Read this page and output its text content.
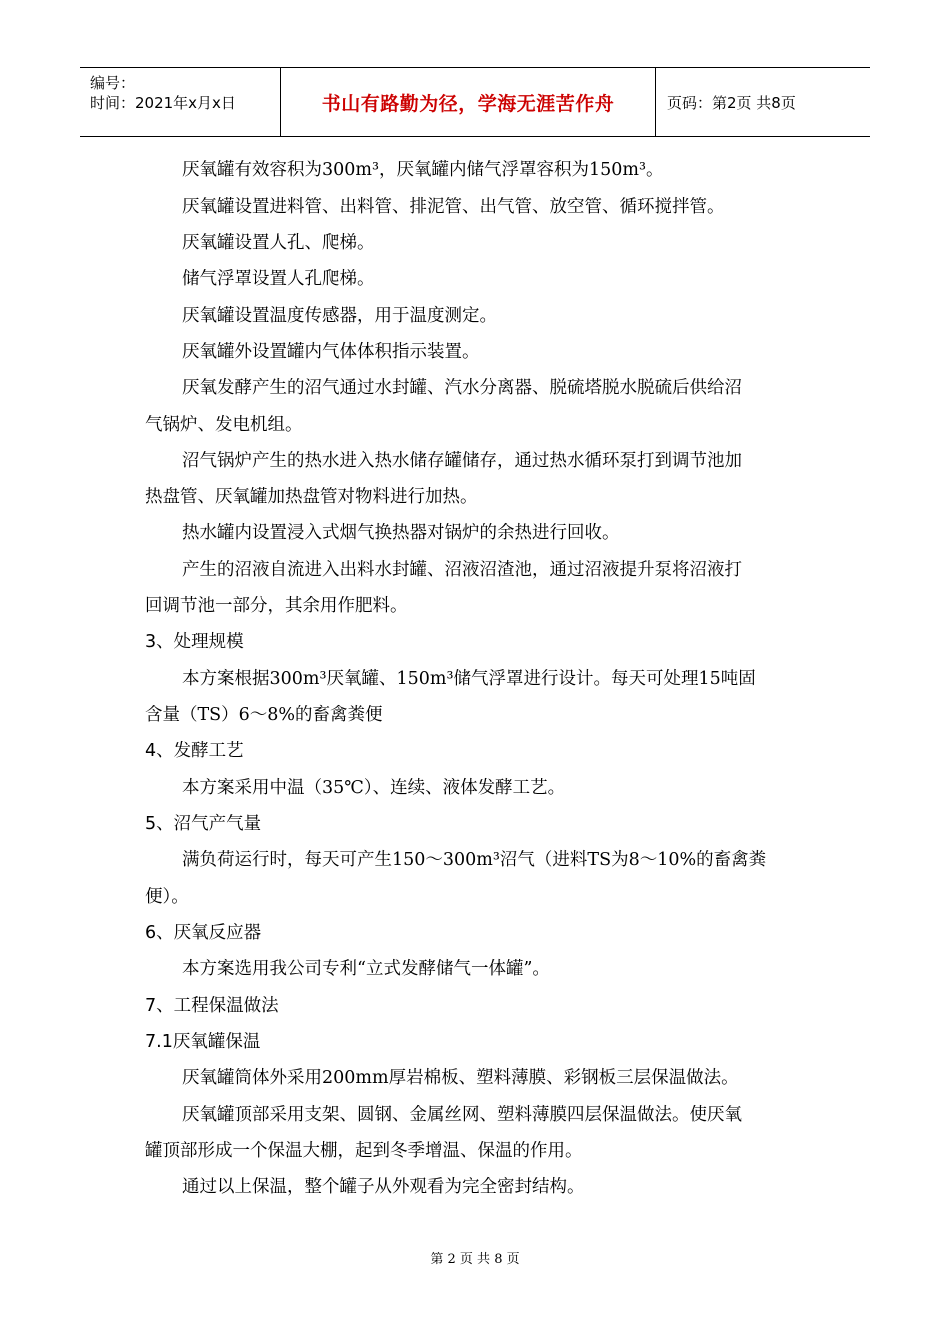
编号：
时间：2021年x月x日	书山有路勤为径，学海无涯苦作舟	页码：第2页 共8页
厌氧罐有效容积为300m³，厌氧罐内储气浮罩容积为150m³。
厌氧罐设置进料管、出料管、排泥管、出气管、放空管、循环搅拌管。
厌氧罐设置人孔、爬梯。
储气浮罩设置人孔爬梯。
厌氧罐设置温度传感器，用于温度测定。
厌氧罐外设置罐内气体体积指示装置。
厌氧发酵产生的沼气通过水封罐、汽水分离器、脱硫塔脱水脱硫后供给沼
气锅炉、发电机组。
沼气锅炉产生的热水进入热水储存罐储存，通过热水循环泵打到调节池加
热盘管、厌氧罐加热盘管对物料进行加热。
热水罐内设置浸入式烟气换热器对锅炉的余热进行回收。
产生的沼液自流进入出料水封罐、沼液沼渣池，通过沼液提升泵将沼液打
回调节池一部分，其余用作肥料。
3、处理规模
本方案根据300m³厌氧罐、150m³储气浮罩进行设计。每天可处理15吨固
含量（TS）6～8%的畜禽粪便
4、发酵工艺
本方案采用中温（35℃）、连续、液体发酵工艺。
5、沼气产气量
满负荷运行时，每天可产生150～300m³沼气（进料TS为8～10%的畜禽粪
便）。
6、厌氧反应器
本方案选用我公司专利“立式发酵储气一体罐”。
7、工程保温做法
7.1厌氧罐保温
厌氧罐筒体外采用200mm厚岩棉板、塑料薄膜、彩钢板三层保温做法。
厌氧罐顶部采用支架、圆钢、金属丝网、塑料薄膜四层保温做法。使厌氧
罐顶部形成一个保温大棚，起到冬季增温、保温的作用。
通过以上保温，整个罐子从外观看为完全密封结构。
第 2 页 共 8 页
